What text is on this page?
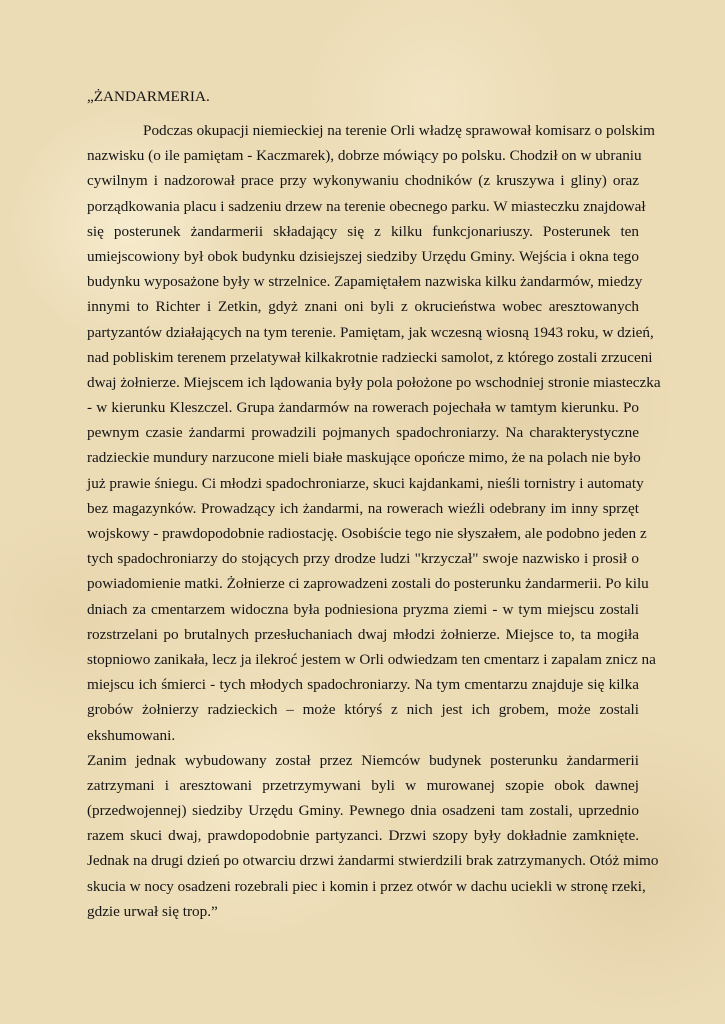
„ŻANDARMERIA.
Podczas okupacji niemieckiej na terenie Orli władzę sprawował komisarz o polskim
nazwisku (o ile pamiętam - Kaczmarek), dobrze mówiący po polsku. Chodził on w ubraniu
cywilnym i nadzorował prace przy wykonywaniu chodników (z kruszywa i gliny) oraz
porządkowania placu i sadzeniu drzew na terenie obecnego parku. W miasteczku znajdował
się posterunek żandarmerii składający się z kilku funkcjonariuszy. Posterunek ten
umiejscowiony był obok budynku dzisiejszej siedziby Urzędu Gminy. Wejścia i okna tego
budynku wyposażone były w strzelnice. Zapamiętałem nazwiska kilku żandarmów, miedzy
innymi to Richter i Zetkin, gdyż znani oni byli z okrucieństwa wobec aresztowanych
partyzantów działających na tym terenie. Pamiętam, jak wczesną wiosną 1943 roku, w dzień,
nad pobliskim terenem przelatywał kilkakrotnie radziecki samolot, z którego zostali zrzuceni
dwaj żołnierze. Miejscem ich lądowania były pola położone po wschodniej stronie miasteczka
- w kierunku Kleszczel. Grupa żandarmów na rowerach pojechała w tamtym kierunku. Po
pewnym czasie żandarmi prowadzili pojmanych spadochroniarzy. Na charakterystyczne
radzieckie mundury narzucone mieli białe maskujące opończe mimo, że na polach nie było
już prawie śniegu. Ci młodzi spadochroniarze, skuci kajdankami, nieśli tornistry i automaty
bez magazynków. Prowadzący ich żandarmi, na rowerach wieźli odebrany im inny sprzęt
wojskowy - prawdopodobnie radiostację. Osobiście tego nie słyszałem, ale podobno jeden z
tych spadochroniarzy do stojących przy drodze ludzi "krzyczał" swoje nazwisko i prosił o
powiadomienie matki. Żołnierze ci zaprowadzeni zostali do posterunku żandarmerii. Po kilu
dniach za cmentarzem widoczna była podniesiona pryzma ziemi - w tym miejscu zostali
rozstrzelani po brutalnych przesłuchaniach dwaj młodzi żołnierze. Miejsce to, ta mogiła
stopniowo zanikała, lecz ja ilekroć jestem w Orli odwiedzam ten cmentarz i zapalam znicz na
miejscu ich śmierci - tych młodych spadochroniarzy. Na tym cmentarzu znajduje się kilka
grobów żołnierzy radzieckich – może któryś z nich jest ich grobem, może zostali
ekshumowani.
Zanim jednak wybudowany został przez Niemców budynek posterunku żandarmerii
zatrzymani i aresztowani przetrzymywani byli w murowanej szopie obok dawnej
(przedwojennej) siedziby Urzędu Gminy. Pewnego dnia osadzeni tam zostali, uprzednio
razem skuci dwaj, prawdopodobnie partyzanci. Drzwi szopy były dokładnie zamknięte.
Jednak na drugi dzień po otwarciu drzwi żandarmi stwierdzili brak zatrzymanych. Otóż mimo
skucia w nocy osadzeni rozebrali piec i komin i przez otwór w dachu uciekli w stronę rzeki,
gdzie urwał się trop.”
